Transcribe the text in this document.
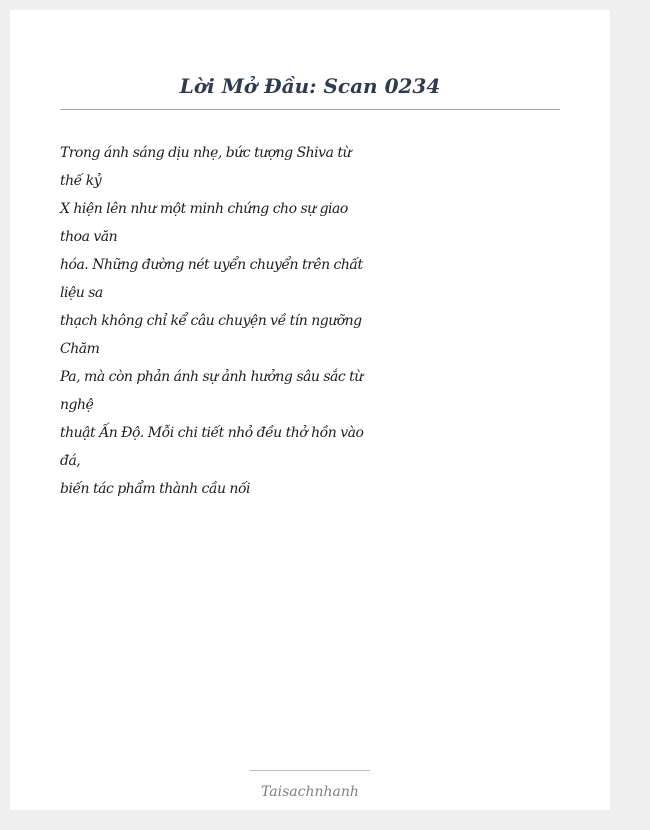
Lời Mở Đầu: Scan 0234
Trong ánh sáng dịu nhẹ, bức tượng Shiva từ
thế kỷ
X hiện lên như một minh chứng cho sự giao
thoa văn
hóa. Những đường nét uyển chuyển trên chất
liệu sa
thạch không chỉ kể câu chuyện về tín ngưỡng
Chăm
Pa, mà còn phản ánh sự ảnh hưởng sâu sắc từ
nghệ
thuật Ấn Độ. Mỗi chi tiết nhỏ đều thở hồn vào
đá,
biến tác phẩm thành cầu nối
Taisachnhanh
